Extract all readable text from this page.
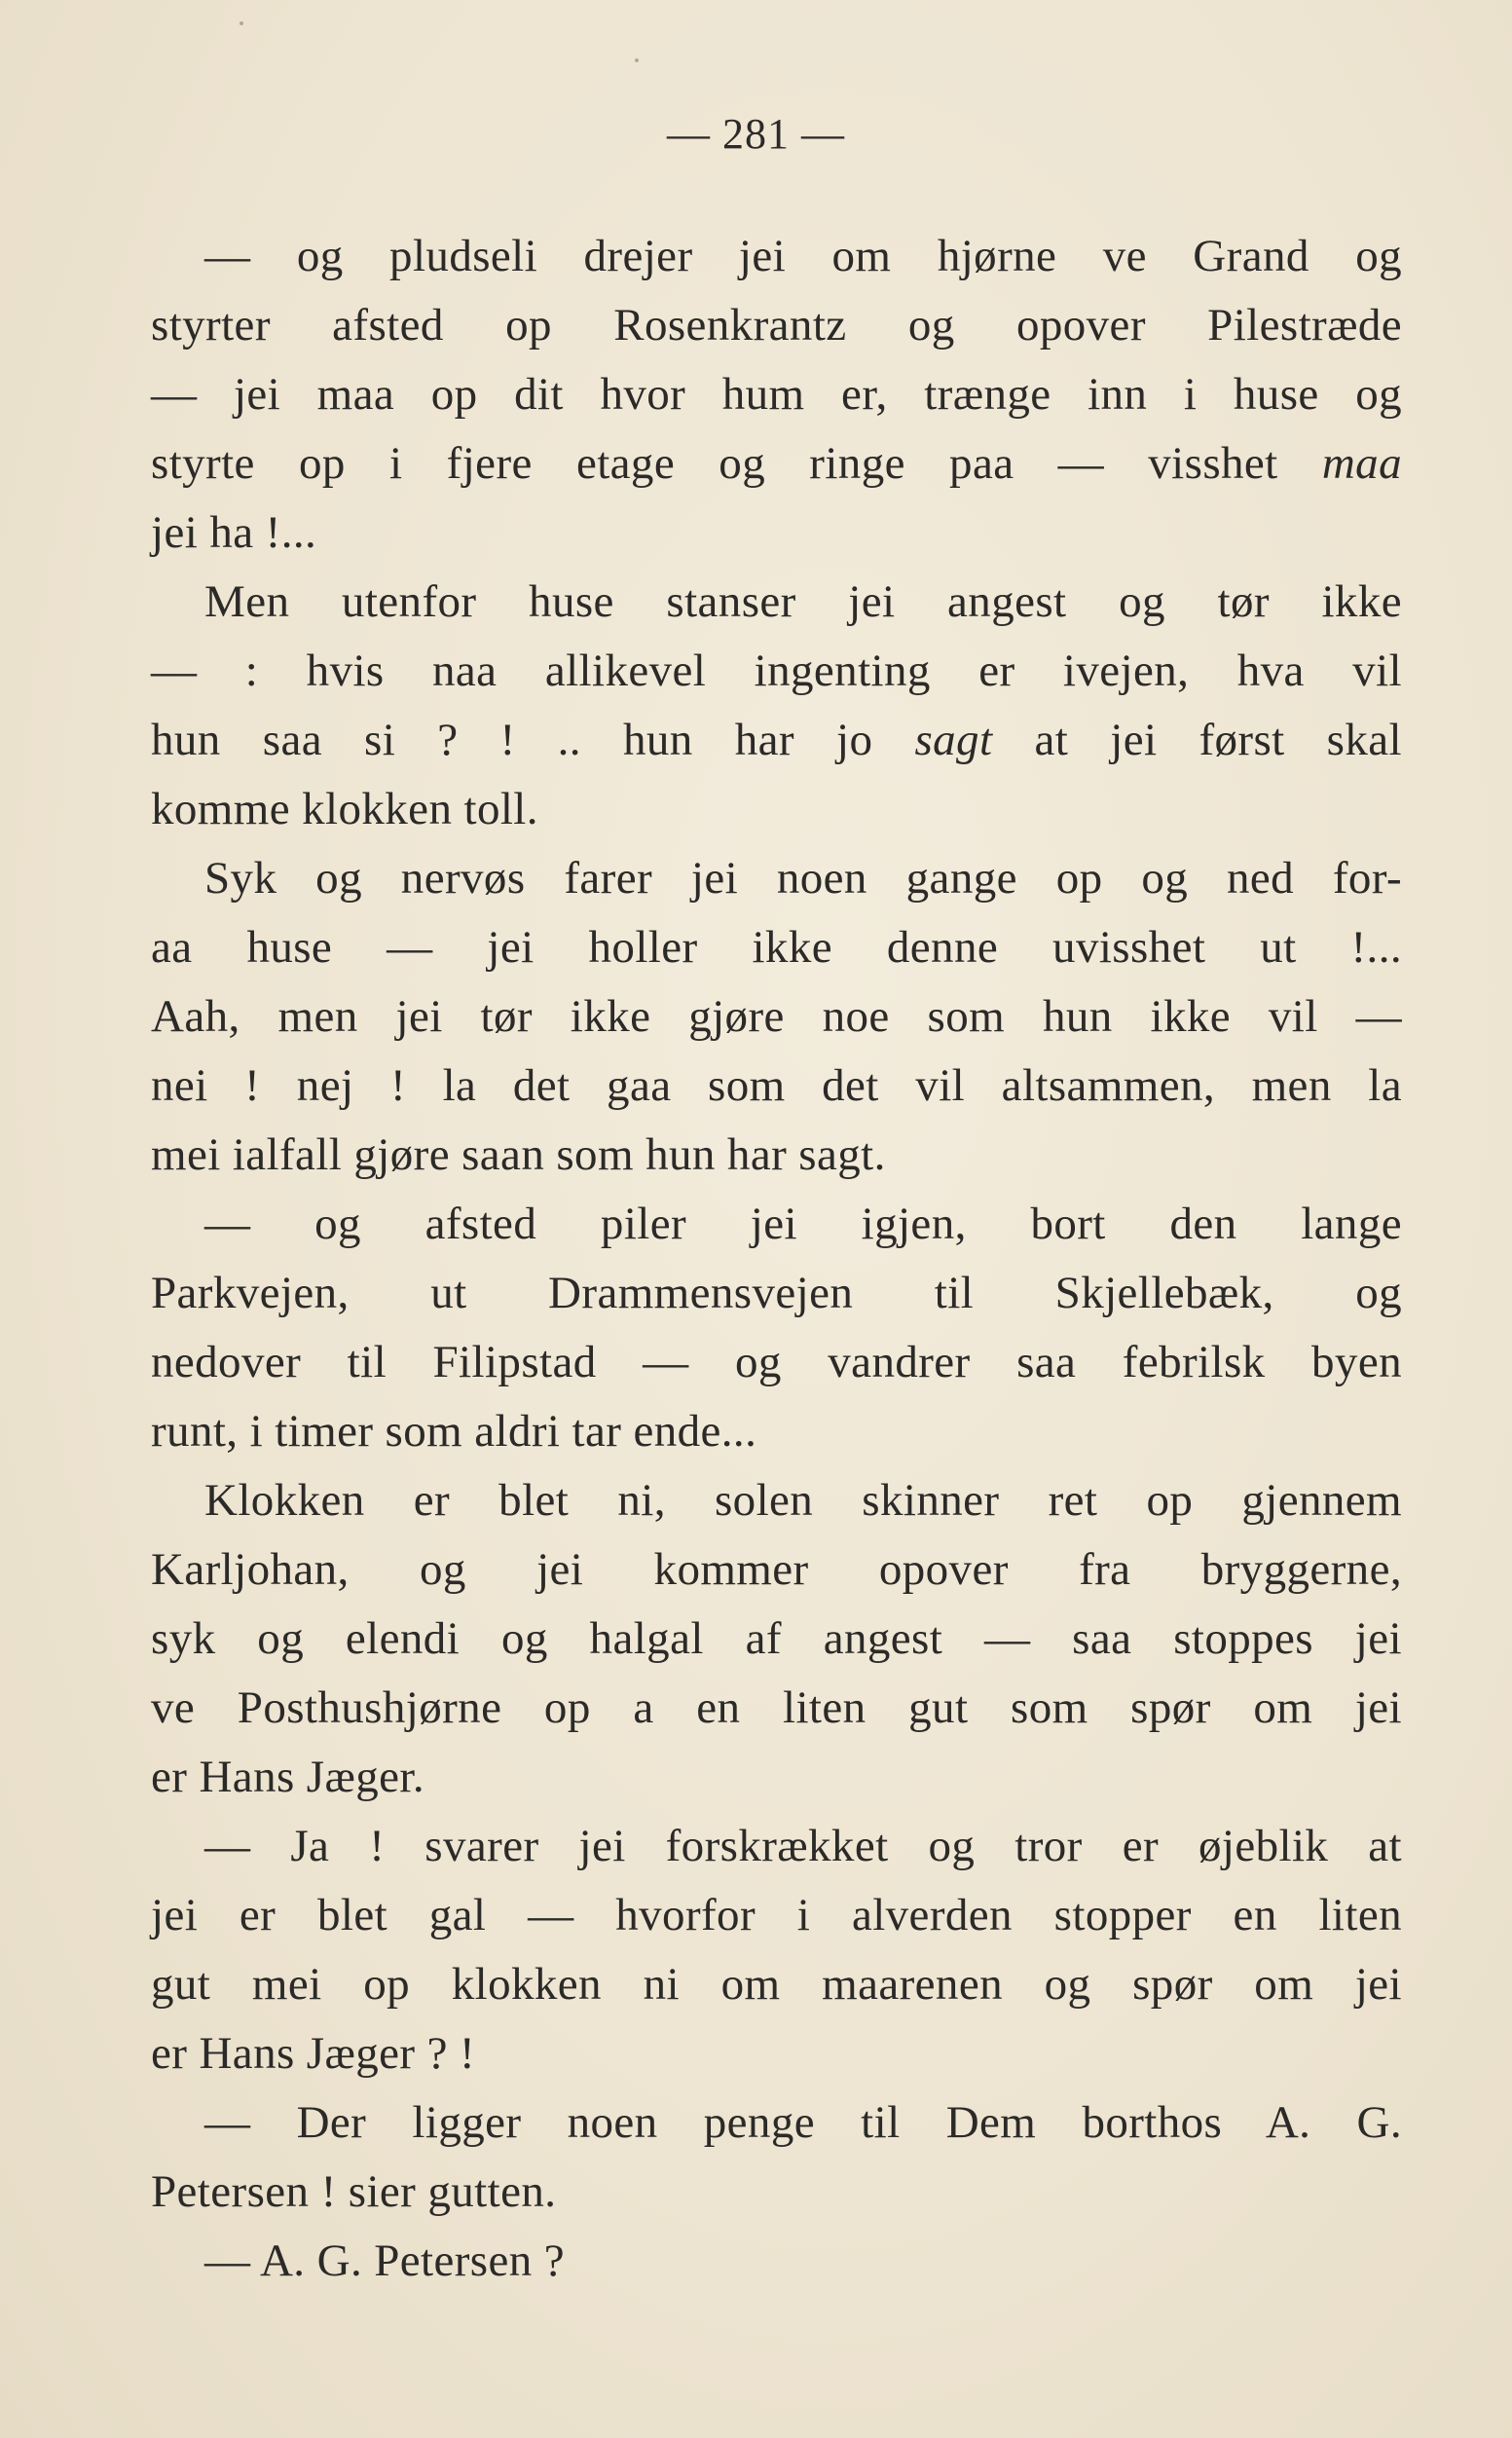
— 281 —
— og pludseli drejer jei om hjørne ve Grand og
styrter afsted op Rosenkrantz og opover Pilestræde
— jei maa op dit hvor hum er, trænge inn i huse og
styrte op i fjere etage og ringe paa — visshet maa
jei ha !...
Men utenfor huse stanser jei angest og tør ikke
— : hvis naa allikevel ingenting er ivejen, hva vil
hun saa si ? ! .. hun har jo sagt at jei først skal
komme klokken toll.
Syk og nervøs farer jei noen gange op og ned for-
aa huse — jei holler ikke denne uvisshet ut !...
Aah, men jei tør ikke gjøre noe som hun ikke vil —
nei ! nej ! la det gaa som det vil altsammen, men la
mei ialfall gjøre saan som hun har sagt.
— og afsted piler jei igjen, bort den lange
Parkvejen, ut Drammensvejen til Skjellebæk, og
nedover til Filipstad — og vandrer saa febrilsk byen
runt, i timer som aldri tar ende...
Klokken er blet ni, solen skinner ret op gjennem
Karljohan, og jei kommer opover fra bryggerne,
syk og elendi og halgal af angest — saa stoppes jei
ve Posthushjørne op a en liten gut som spør om jei
er Hans Jæger.
— Ja ! svarer jei forskrækket og tror er øjeblik at
jei er blet gal — hvorfor i alverden stopper en liten
gut mei op klokken ni om maarenen og spør om jei
er Hans Jæger ? !
— Der ligger noen penge til Dem borthos A. G.
Petersen ! sier gutten.
— A. G. Petersen ?
